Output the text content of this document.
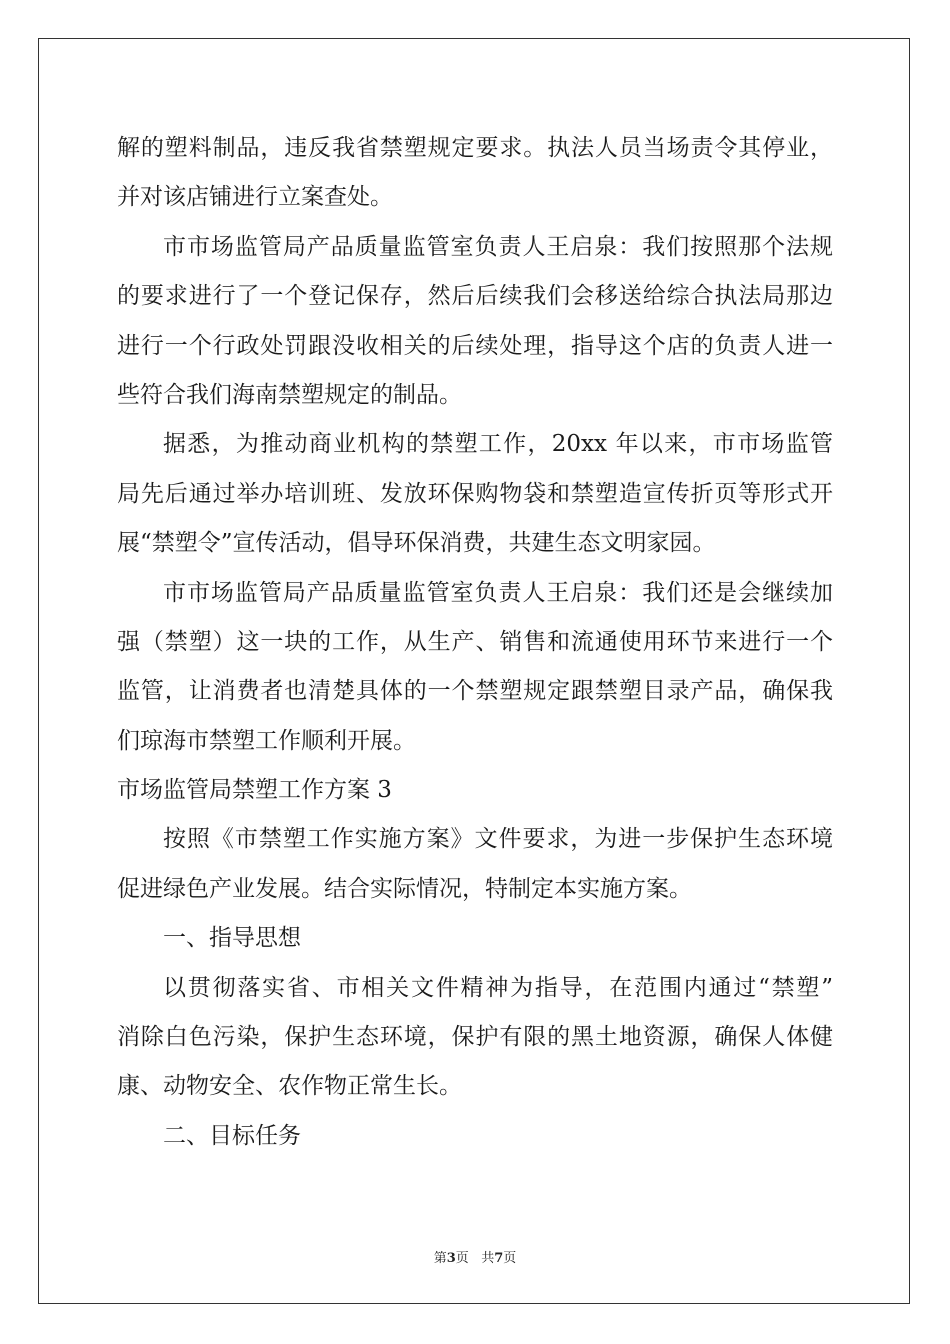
解的塑料制品，违反我省禁塑规定要求。执法人员当场责令其停业，
并对该店铺进行立案查处。
市市场监管局产品质量监管室负责人王启泉：我们按照那个法规
的要求进行了一个登记保存，然后后续我们会移送给综合执法局那边
进行一个行政处罚跟没收相关的后续处理，指导这个店的负责人进一
些符合我们海南禁塑规定的制品。
据悉，为推动商业机构的禁塑工作，20xx 年以来，市市场监管
局先后通过举办培训班、发放环保购物袋和禁塑造宣传折页等形式开
展“禁塑令”宣传活动，倡导环保消费，共建生态文明家园。
市市场监管局产品质量监管室负责人王启泉：我们还是会继续加
强（禁塑）这一块的工作，从生产、销售和流通使用环节来进行一个
监管，让消费者也清楚具体的一个禁塑规定跟禁塑目录产品，确保我
们琼海市禁塑工作顺利开展。
市场监管局禁塑工作方案 3
按照《市禁塑工作实施方案》文件要求，为进一步保护生态环境
促进绿色产业发展。结合实际情况，特制定本实施方案。
一、指导思想
以贯彻落实省、市相关文件精神为指导，在范围内通过“禁塑”
消除白色污染，保护生态环境，保护有限的黑土地资源，确保人体健
康、动物安全、农作物正常生长。
二、目标任务
第3页 共7页
